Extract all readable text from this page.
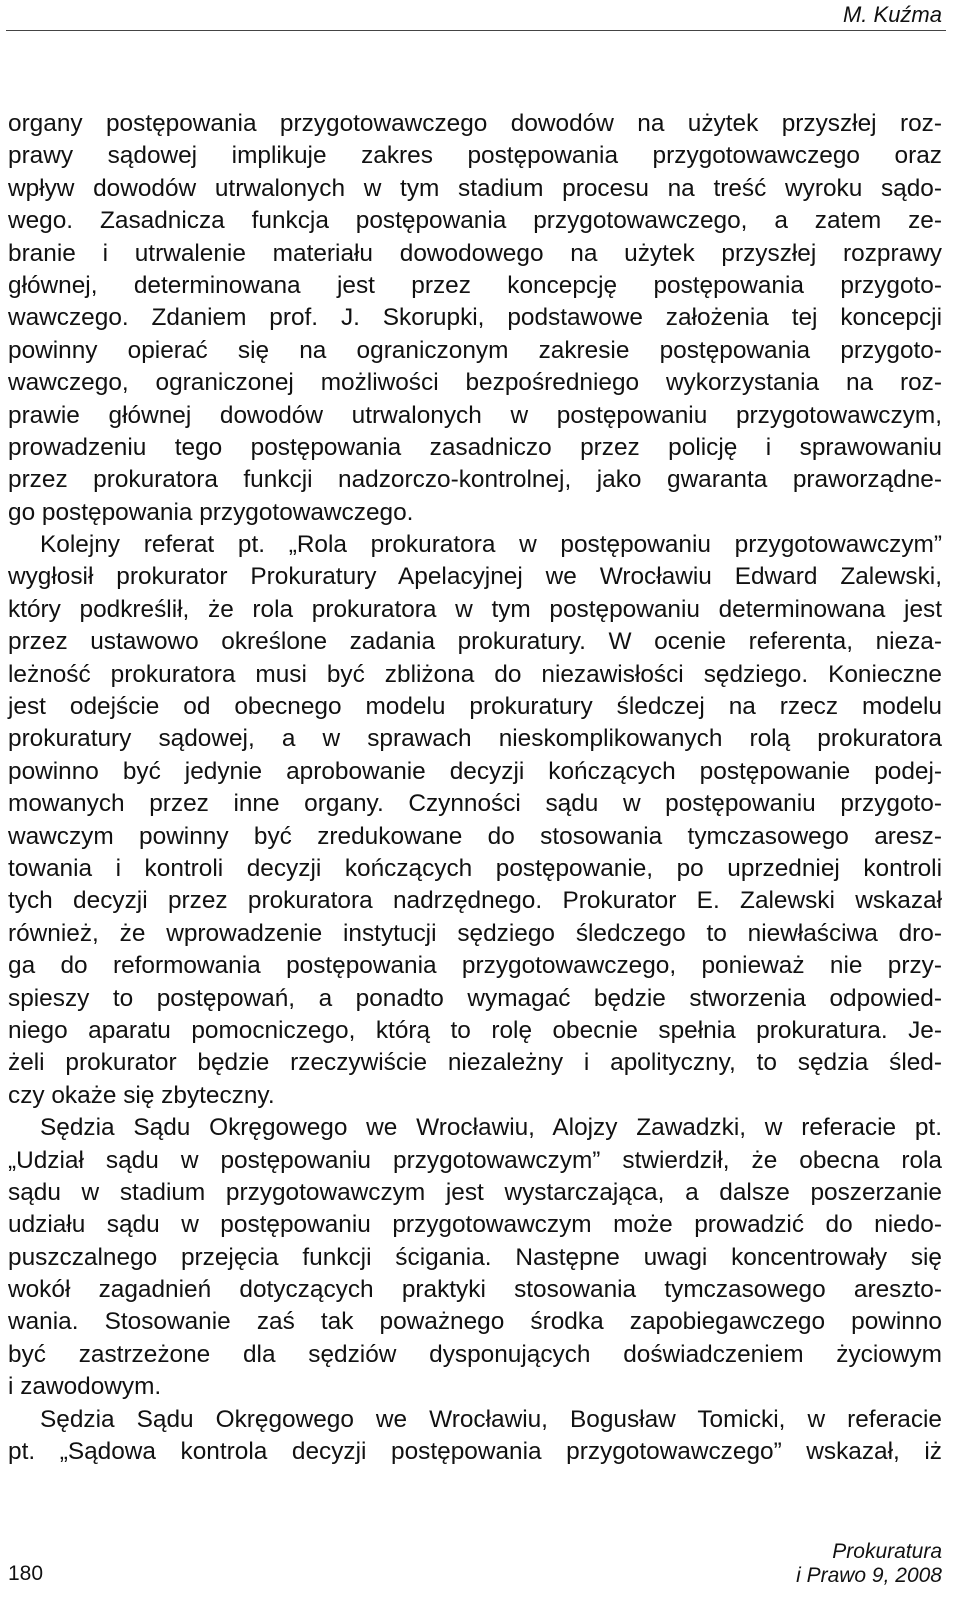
M. Kuźma
organy postępowania przygotowawczego dowodów na użytek przyszłej roz-
prawy sądowej implikuje zakres postępowania przygotowawczego oraz
wpływ dowodów utrwalonych w tym stadium procesu na treść wyroku sądo-
wego. Zasadnicza funkcja postępowania przygotowawczego, a zatem ze-
branie i utrwalenie materiału dowodowego na użytek przyszłej rozprawy
głównej, determinowana jest przez koncepcję postępowania przygoto-
wawczego. Zdaniem prof. J. Skorupki, podstawowe założenia tej koncepcji
powinny opierać się na ograniczonym zakresie postępowania przygoto-
wawczego, ograniczonej możliwości bezpośredniego wykorzystania na roz-
prawie głównej dowodów utrwalonych w postępowaniu przygotowawczym,
prowadzeniu tego postępowania zasadniczo przez policję i sprawowaniu
przez prokuratora funkcji nadzorczo-kontrolnej, jako gwaranta praworządne-
go postępowania przygotowawczego.
Kolejny referat pt. „Rola prokuratora w postępowaniu przygotowawczym”
wygłosił prokurator Prokuratury Apelacyjnej we Wrocławiu Edward Zalewski,
który podkreślił, że rola prokuratora w tym postępowaniu determinowana jest
przez ustawowo określone zadania prokuratury. W ocenie referenta, nieza-
leżność prokuratora musi być zbliżona do niezawisłości sędziego. Konieczne
jest odejście od obecnego modelu prokuratury śledczej na rzecz modelu
prokuratury sądowej, a w sprawach nieskomplikowanych rolą prokuratora
powinno być jedynie aprobowanie decyzji kończących postępowanie podej-
mowanych przez inne organy. Czynności sądu w postępowaniu przygoto-
wawczym powinny być zredukowane do stosowania tymczasowego aresz-
towania i kontroli decyzji kończących postępowanie, po uprzedniej kontroli
tych decyzji przez prokuratora nadrzędnego. Prokurator E. Zalewski wskazał
również, że wprowadzenie instytucji sędziego śledczego to niewłaściwa dro-
ga do reformowania postępowania przygotowawczego, ponieważ nie przy-
spieszy to postępowań, a ponadto wymagać będzie stworzenia odpowied-
niego aparatu pomocniczego, którą to rolę obecnie spełnia prokuratura. Je-
żeli prokurator będzie rzeczywiście niezależny i apolityczny, to sędzia śled-
czy okaże się zbyteczny.
Sędzia Sądu Okręgowego we Wrocławiu, Alojzy Zawadzki, w referacie pt.
„Udział sądu w postępowaniu przygotowawczym” stwierdził, że obecna rola
sądu w stadium przygotowawczym jest wystarczająca, a dalsze poszerzanie
udziału sądu w postępowaniu przygotowawczym może prowadzić do niedo-
puszczalnego przejęcia funkcji ścigania. Następne uwagi koncentrowały się
wokół zagadnień dotyczących praktyki stosowania tymczasowego areszto-
wania. Stosowanie zaś tak poważnego środka zapobiegawczego powinno
być zastrzeżone dla sędziów dysponujących doświadczeniem życiowym
i zawodowym.
Sędzia Sądu Okręgowego we Wrocławiu, Bogusław Tomicki, w referacie
pt. „Sądowa kontrola decyzji postępowania przygotowawczego” wskazał, iż
180
Prokuratura
i Prawo 9, 2008
